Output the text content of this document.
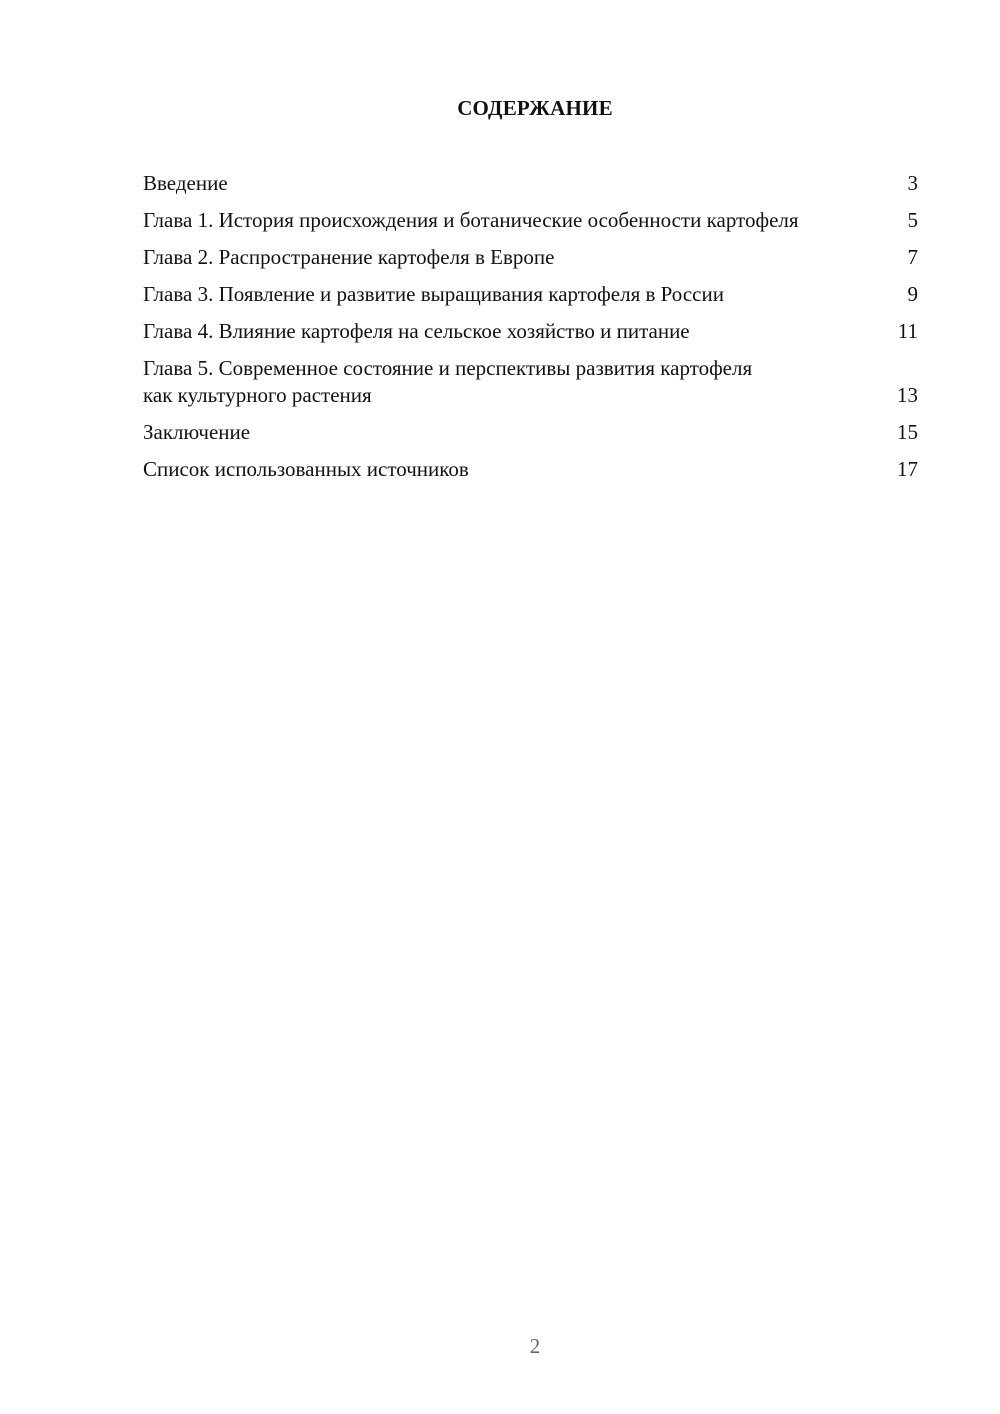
СОДЕРЖАНИЕ
Введение	3
Глава 1. История происхождения и ботанические особенности картофеля	5
Глава 2. Распространение картофеля в Европе	7
Глава 3. Появление и развитие выращивания картофеля в России	9
Глава 4. Влияние картофеля на сельское хозяйство и питание	11
Глава 5. Современное состояние и перспективы развития картофеля как культурного растения	13
Заключение	15
Список использованных источников	17
2
